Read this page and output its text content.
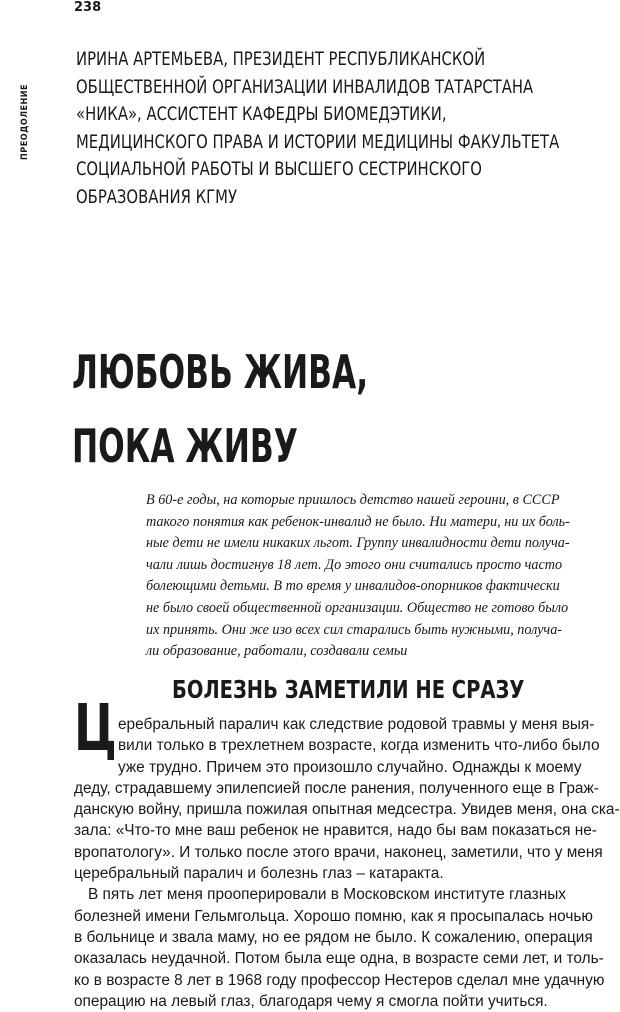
238
ПРЕОДОЛЕНИЕ
ИРИНА АРТЕМЬЕВА, ПРЕЗИДЕНТ РЕСПУБЛИКАНСКОЙ
ОБЩЕСТВЕННОЙ ОРГАНИЗАЦИИ ИНВАЛИДОВ ТАТАРСТАНА
«НИКА», АССИСТЕНТ КАФЕДРЫ БИОМЕДЭТИКИ,
МЕДИЦИНСКОГО ПРАВА И ИСТОРИИ МЕДИЦИНЫ ФАКУЛЬТЕТА
СОЦИАЛЬНОЙ РАБОТЫ И ВЫСШЕГО СЕСТРИНСКОГО
ОБРАЗОВАНИЯ КГМУ
ЛЮБОВЬ ЖИВА,
ПОКА ЖИВУ
В 60-е годы, на которые пришлось детство нашей героини, в СССР
такого понятия как ребенок-инвалид не было. Ни матери, ни их боль-
ные дети не имели никаких льгот. Группу инвалидности дети получа-
чали лишь достигнув 18 лет. До этого они считались просто часто
болеющими детьми. В то время у инвалидов-опорников фактически
не было своей общественной организации. Общество не готово было
их принять. Они же изо всех сил старались быть нужными, получа-
ли образование, работали, создавали семьи
БОЛЕЗНЬ ЗАМЕТИЛИ НЕ СРАЗУ
Ц еребральный паралич как следствие родовой травмы у меня выя-
вили только в трехлетнем возрасте, когда изменить что-либо было
уже трудно. Причем это произошло случайно. Однажды к моему
деду, страдавшему эпилепсией после ранения, полученного еще в Граж-
данскую войну, пришла пожилая опытная медсестра. Увидев меня, она ска-
зала: «Что-то мне ваш ребенок не нравится, надо бы вам показаться не-
вропатологу». И только после этого врачи, наконец, заметили, что у меня
церебральный паралич и болезнь глаз – катаракта.
В пять лет меня прооперировали в Московском институте глазных
болезней имени Гельмгольца. Хорошо помню, как я просыпалась ночью
в больнице и звала маму, но ее рядом не было. К сожалению, операция
оказалась неудачной. Потом была еще одна, в возрасте семи лет, и толь-
ко в возрасте 8 лет в 1968 году профессор Нестеров сделал мне удачную
операцию на левый глаз, благодаря чему я смогла пойти учиться.
